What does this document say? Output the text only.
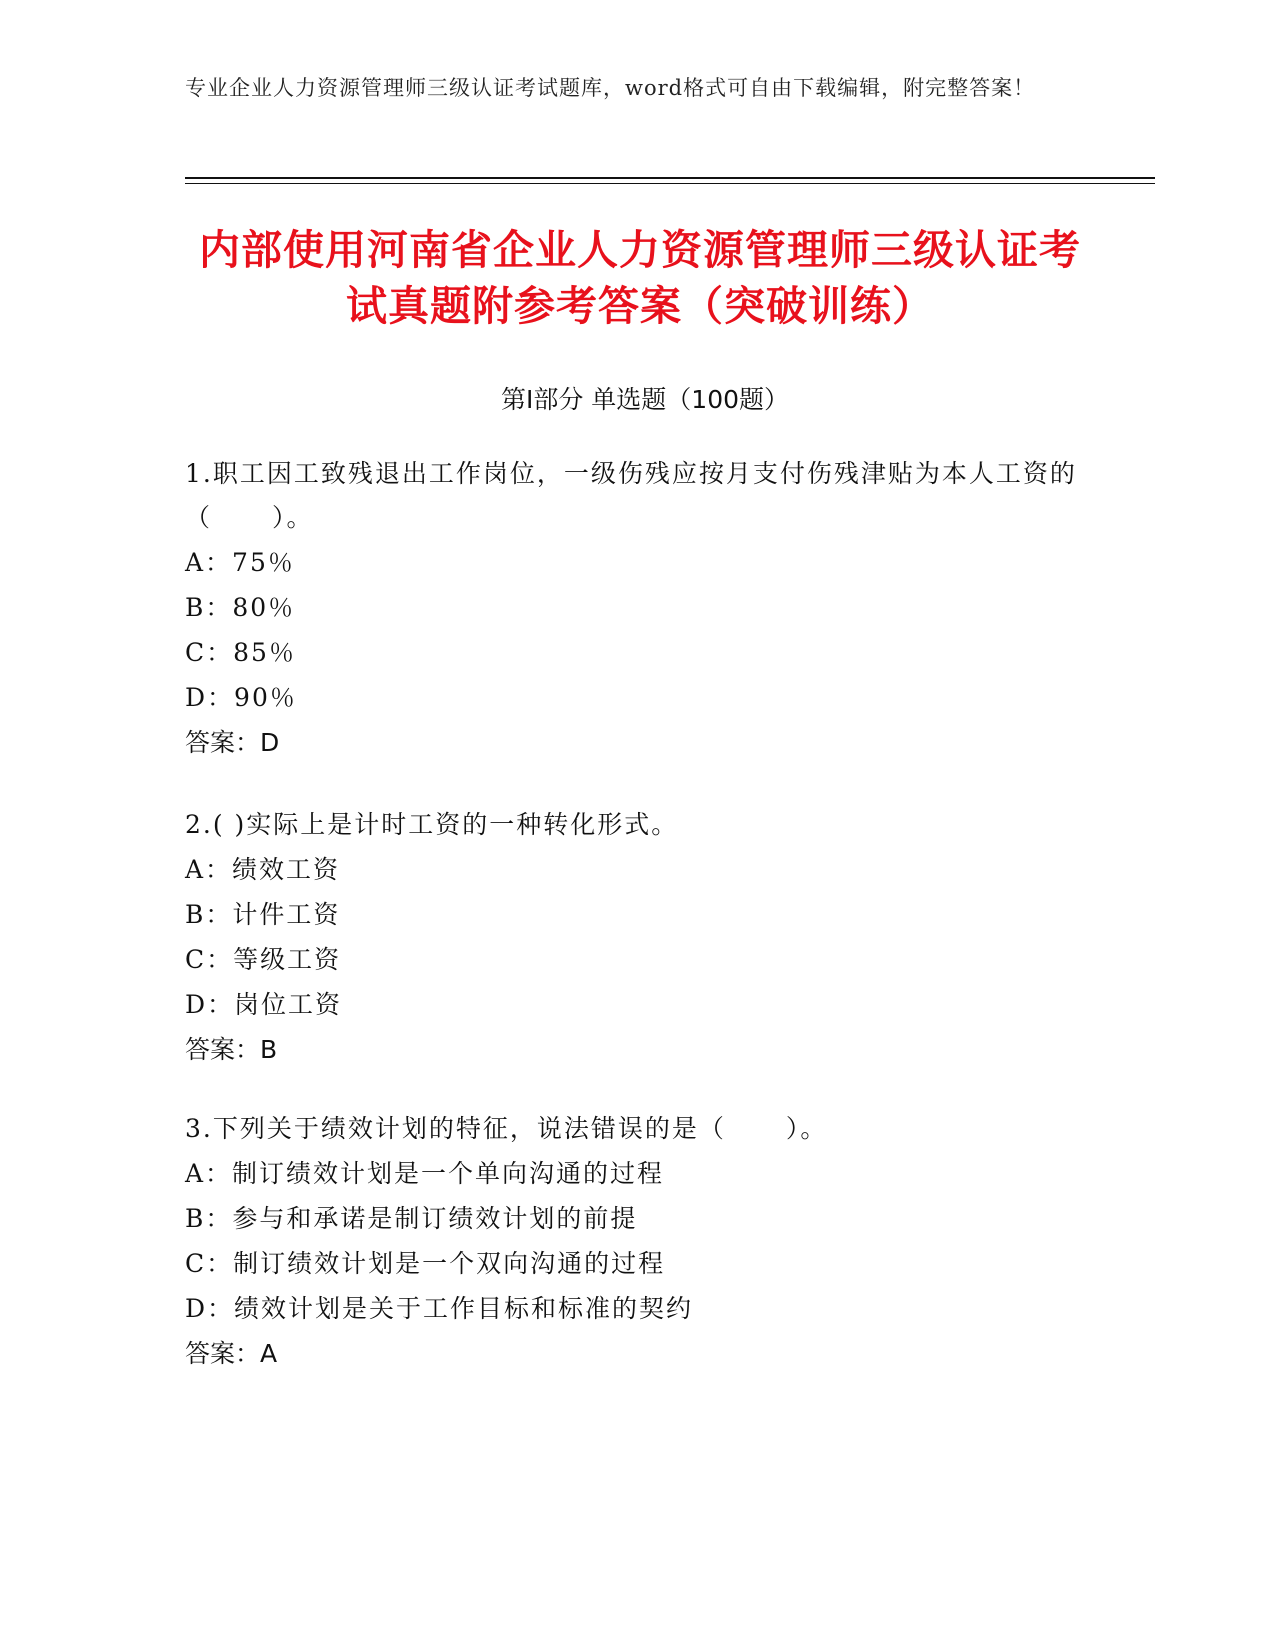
专业企业人力资源管理师三级认证考试题库，word格式可自由下载编辑，附完整答案！
内部使用河南省企业人力资源管理师三级认证考试真题附参考答案（突破训练）
第I部分 单选题（100题）

1.职工因工致残退出工作岗位，一级伤残应按月支付伤残津贴为本人工资的（ ）。

A：75％

B：80％

C：85％

D：90％

答案：D

2.( )实际上是计时工资的一种转化形式。

A：绩效工资

B：计件工资

C：等级工资

D：岗位工资

答案：B

3.下列关于绩效计划的特征，说法错误的是（ ）。

A：制订绩效计划是一个单向沟通的过程

B：参与和承诺是制订绩效计划的前提

C：制订绩效计划是一个双向沟通的过程

D：绩效计划是关于工作目标和标准的契约

答案：A
